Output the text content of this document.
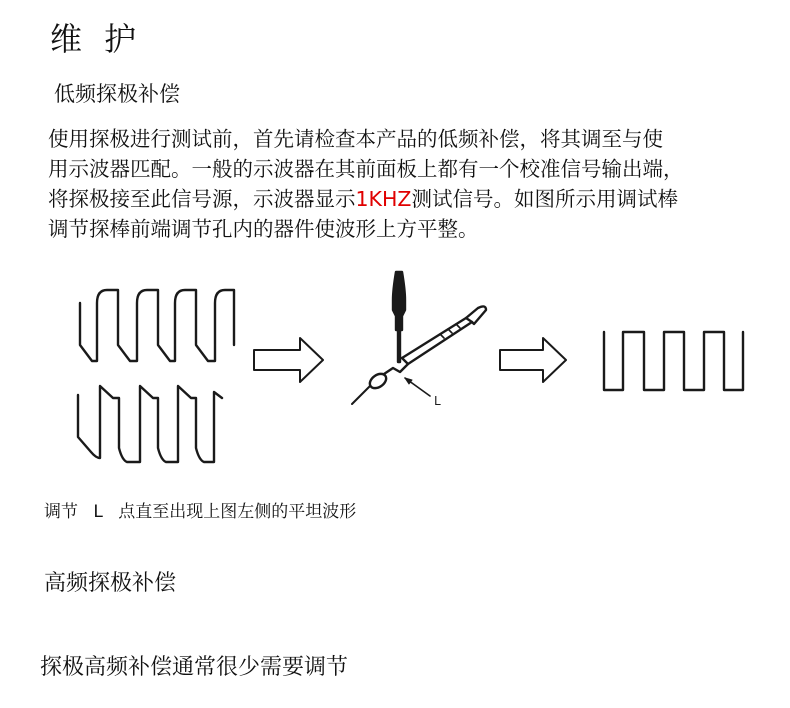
维 护
低频探极补偿
使用探极进行测试前，首先请检查本产品的低频补偿，将其调至与使
用示波器匹配。一般的示波器在其前面板上都有一个校准信号输出端，
将探极接至此信号源，示波器显示1KHZ测试信号。如图所示用调试棒
调节探棒前端调节孔内的器件使波形上方平整。
L
调节 L 点直至出现上图左侧的平坦波形
高频探极补偿
探极高频补偿通常很少需要调节
